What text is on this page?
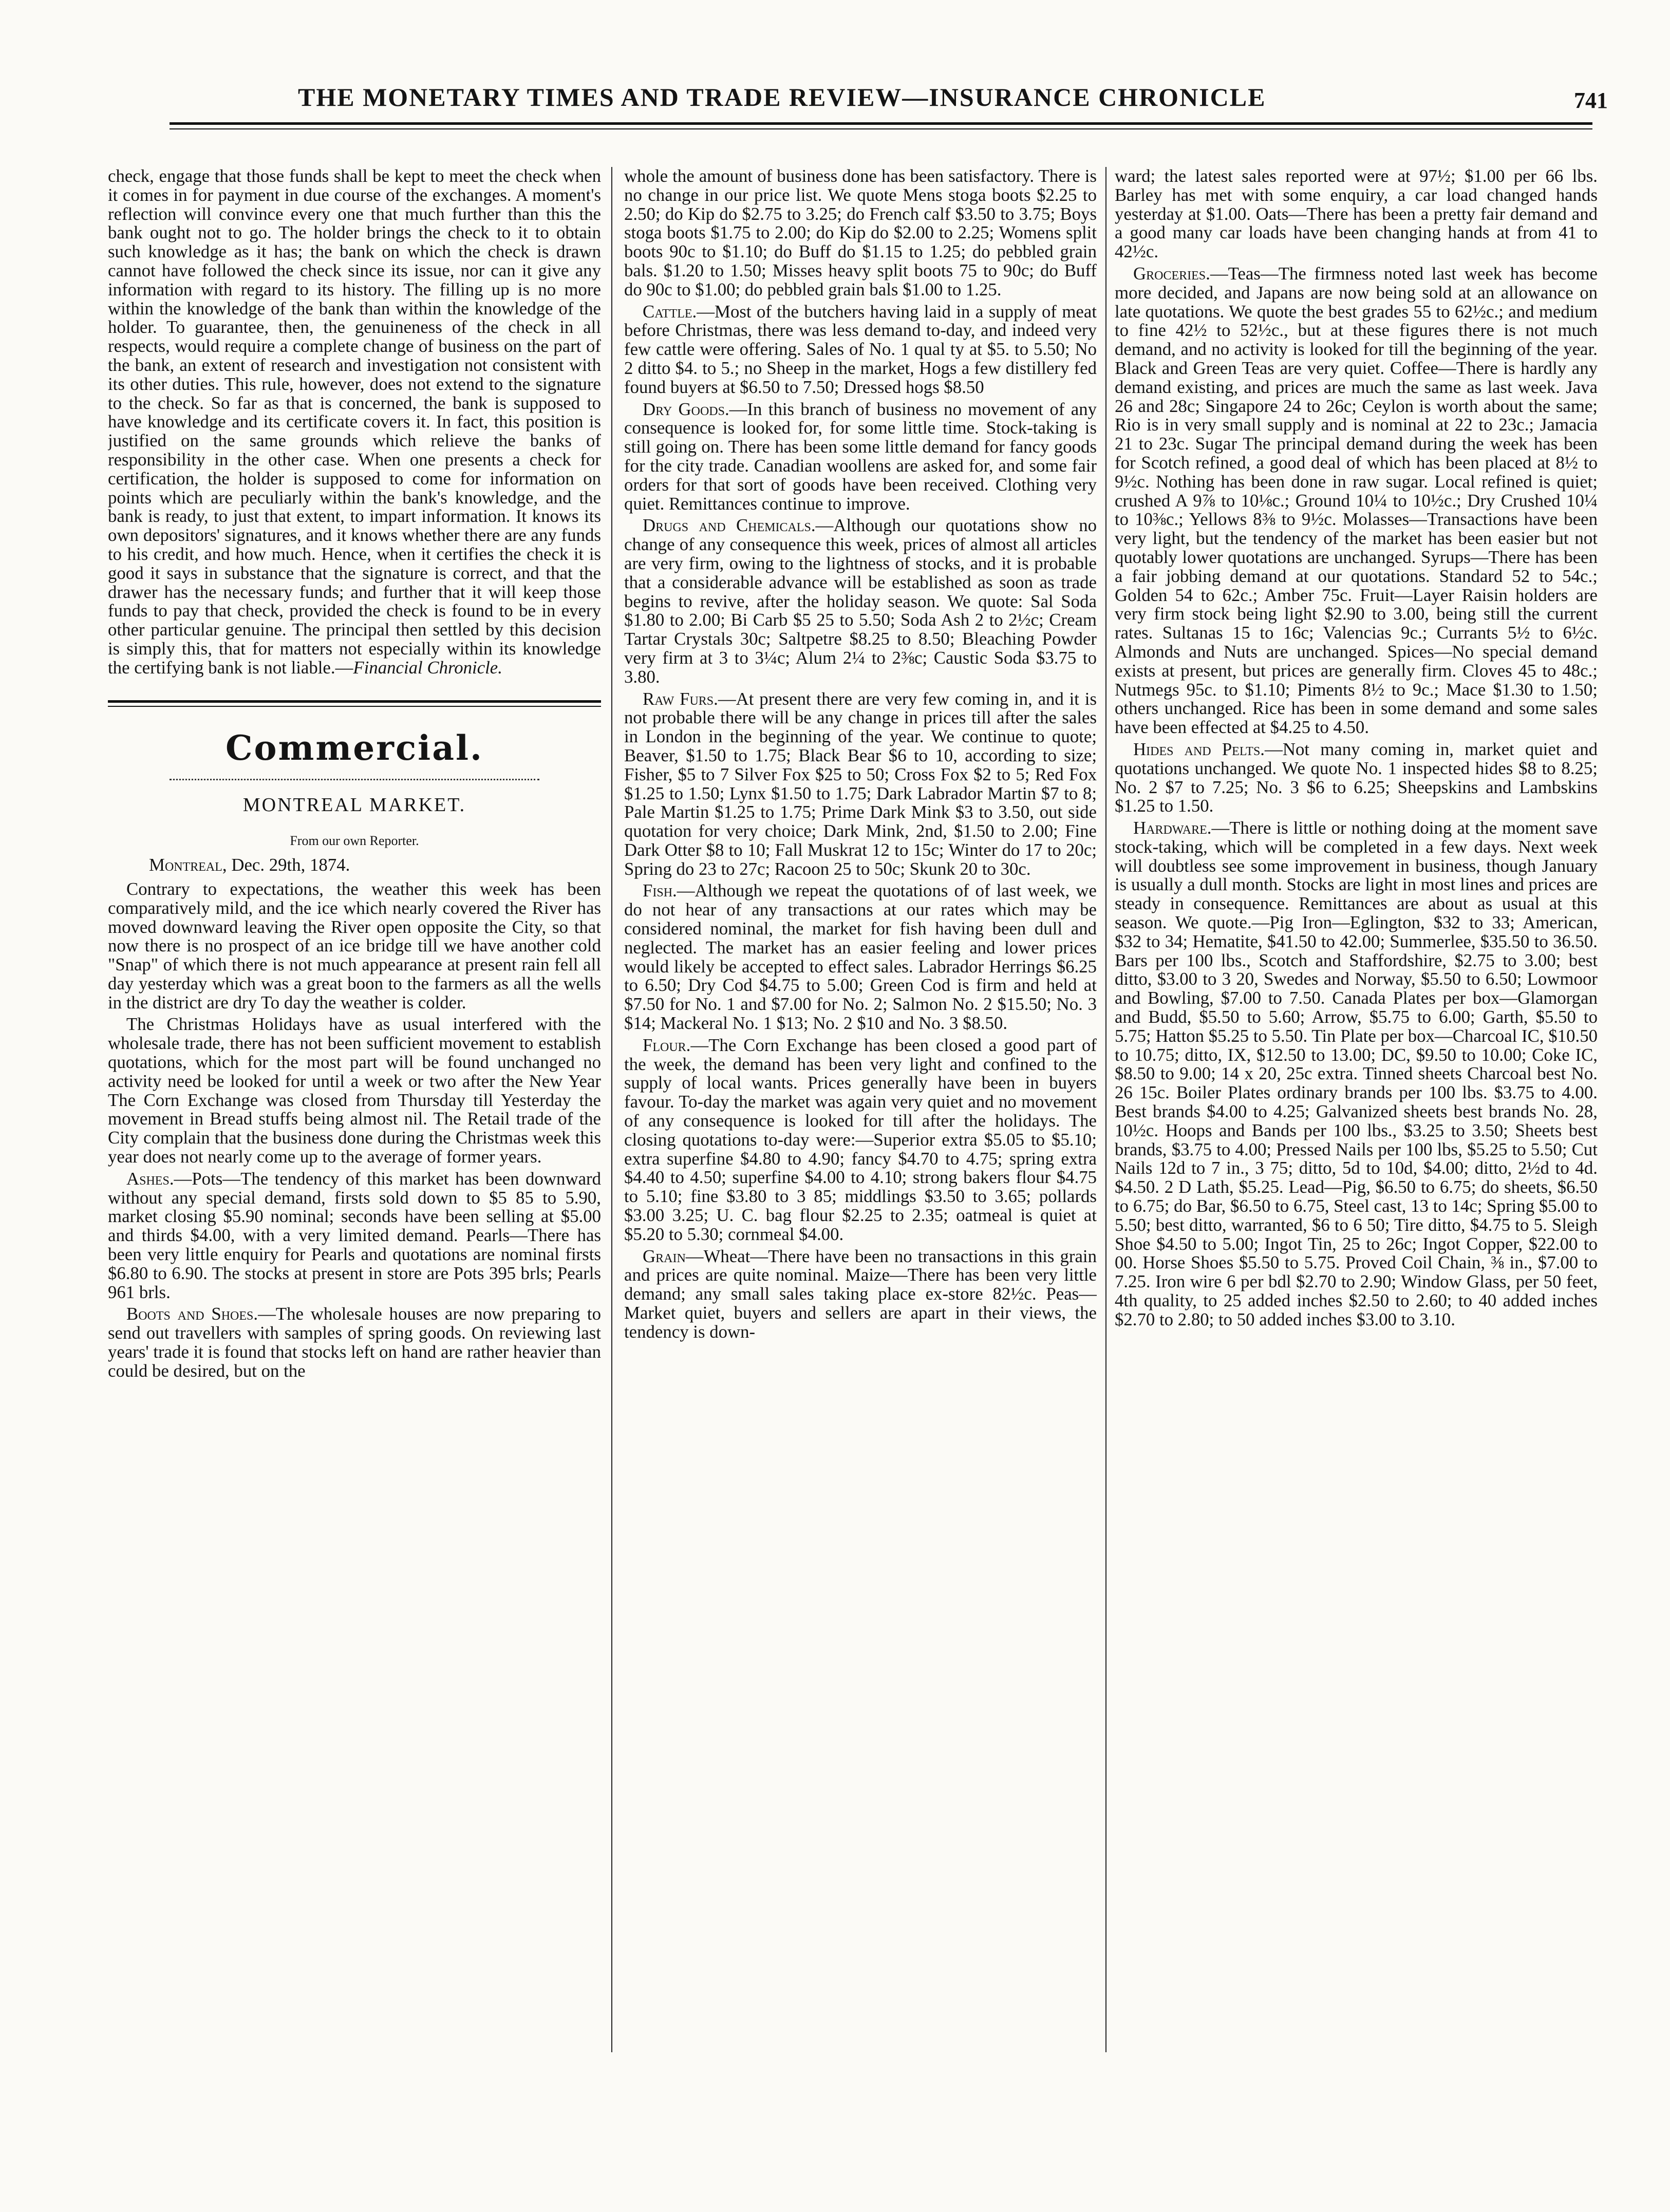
THE MONETARY TIMES AND TRADE REVIEW—INSURANCE CHRONICLE	741

check, engage that those funds shall be kept to meet the check when it comes in for payment in due course of the exchanges. A moment's reflection will convince every one that much further than this the bank ought not to go. The holder brings the check to it to obtain such knowledge as it has; the bank on which the check is drawn cannot have followed the check since its issue, nor can it give any information with regard to its history. The filling up is no more within the knowledge of the bank than within the knowledge of the holder. To guarantee, then, the genuineness of the check in all respects, would require a complete change of business on the part of the bank, an extent of research and investigation not consistent with its other duties. This rule, however, does not extend to the signature to the check. So far as that is concerned, the bank is supposed to have knowledge and its certificate covers it. In fact, this position is justified on the same grounds which relieve the banks of responsibility in the other case. When one presents a check for certification, the holder is supposed to come for information on points which are peculiarly within the bank's knowledge, and the bank is ready, to just that extent, to impart information. It knows its own depositors' signatures, and it knows whether there are any funds to his credit, and how much. Hence, when it certifies the check it is good it says in substance that the signature is correct, and that the drawer has the necessary funds; and further that it will keep those funds to pay that check, provided the check is found to be in every other particular genuine. The principal then settled by this decision is simply this, that for matters not especially within its knowledge the certifying bank is not liable.—Financial Chronicle.

Commercial.
MONTREAL MARKET.
From our own Reporter.

Montreal, Dec. 29th, 1874.

Contrary to expectations, the weather this week has been comparatively mild, and the ice which nearly covered the River has moved downward leaving the River open opposite the City, so that now there is no prospect of an ice bridge till we have another cold "Snap" of which there is not much appearance at present rain fell all day yesterday which was a great boon to the farmers as all the wells in the district are dry To day the weather is colder.

The Christmas Holidays have as usual interfered with the wholesale trade, there has not been sufficient movement to establish quotations, which for the most part will be found unchanged no activity need be looked for until a week or two after the New Year The Corn Exchange was closed from Thursday till Yesterday the movement in Bread stuffs being almost nil. The Retail trade of the City complain that the business done during the Christmas week this year does not nearly come up to the average of former years.

Ashes.—Pots—The tendency of this market has been downward without any special demand, firsts sold down to $5 85 to 5.90, market closing $5.90 nominal; seconds have been selling at $5.00 and thirds $4.00, with a very limited demand. Pearls—There has been very little enquiry for Pearls and quotations are nominal firsts $6.80 to 6.90. The stocks at present in store are Pots 395 brls; Pearls 961 brls.

Boots and Shoes.—The wholesale houses are now preparing to send out travellers with samples of spring goods. On reviewing last years' trade it is found that stocks left on hand are rather heavier than could be desired, but on the

whole the amount of business done has been satisfactory. There is no change in our price list. We quote Mens stoga boots $2.25 to 2.50; do Kip do $2.75 to 3.25; do French calf $3.50 to 3.75; Boys stoga boots $1.75 to 2.00; do Kip do $2.00 to 2.25; Womens split boots 90c to $1.10; do Buff do $1.15 to 1.25; do pebbled grain bals. $1.20 to 1.50; Misses heavy split boots 75 to 90c; do Buff do 90c to $1.00; do pebbled grain bals $1.00 to 1.25.

Cattle.—Most of the butchers having laid in a supply of meat before Christmas, there was less demand to-day, and indeed very few cattle were offering. Sales of No. 1 qual ty at $5. to 5.50; No 2 ditto $4. to 5.; no Sheep in the market, Hogs a few distillery fed found buyers at $6.50 to 7.50; Dressed hogs $8.50

Dry Goods.—In this branch of business no movement of any consequence is looked for, for some little time. Stock-taking is still going on. There has been some little demand for fancy goods for the city trade. Canadian woollens are asked for, and some fair orders for that sort of goods have been received. Clothing very quiet. Remittances continue to improve.

Drugs and Chemicals.—Although our quotations show no change of any consequence this week, prices of almost all articles are very firm, owing to the lightness of stocks, and it is probable that a considerable advance will be established as soon as trade begins to revive, after the holiday season. We quote: Sal Soda $1.80 to 2.00; Bi Carb $5 25 to 5.50; Soda Ash 2 to 2½c; Cream Tartar Crystals 30c; Saltpetre $8.25 to 8.50; Bleaching Powder very firm at 3 to 3¼c; Alum 2¼ to 2⅜c; Caustic Soda $3.75 to 3.80.

Raw Furs.—At present there are very few coming in, and it is not probable there will be any change in prices till after the sales in London in the beginning of the year. We continue to quote; Beaver, $1.50 to 1.75; Black Bear $6 to 10, according to size; Fisher, $5 to 7 Silver Fox $25 to 50; Cross Fox $2 to 5; Red Fox $1.25 to 1.50; Lynx $1.50 to 1.75; Dark Labrador Martin $7 to 8; Pale Martin $1.25 to 1.75; Prime Dark Mink $3 to 3.50, out side quotation for very choice; Dark Mink, 2nd, $1.50 to 2.00; Fine Dark Otter $8 to 10; Fall Muskrat 12 to 15c; Winter do 17 to 20c; Spring do 23 to 27c; Racoon 25 to 50c; Skunk 20 to 30c.

Fish.—Although we repeat the quotations of of last week, we do not hear of any transactions at our rates which may be considered nominal, the market for fish having been dull and neglected. The market has an easier feeling and lower prices would likely be accepted to effect sales. Labrador Herrings $6.25 to 6.50; Dry Cod $4.75 to 5.00; Green Cod is firm and held at $7.50 for No. 1 and $7.00 for No. 2; Salmon No. 2 $15.50; No. 3 $14; Mackeral No. 1 $13; No. 2 $10 and No. 3 $8.50.

Flour.—The Corn Exchange has been closed a good part of the week, the demand has been very light and confined to the supply of local wants. Prices generally have been in buyers favour. To-day the market was again very quiet and no movement of any consequence is looked for till after the holidays. The closing quotations to-day were:—Superior extra $5.05 to $5.10; extra superfine $4.80 to 4.90; fancy $4.70 to 4.75; spring extra $4.40 to 4.50; superfine $4.00 to 4.10; strong bakers flour $4.75 to 5.10; fine $3.80 to 3 85; middlings $3.50 to 3.65; pollards $3.00 3.25; U. C. bag flour $2.25 to 2.35; oatmeal is quiet at $5.20 to 5.30; cornmeal $4.00.

Grain—Wheat—There have been no transactions in this grain and prices are quite nominal. Maize—There has been very little demand; any small sales taking place ex-store 82½c. Peas—Market quiet, buyers and sellers are apart in their views, the tendency is down-

ward; the latest sales reported were at 97½; $1.00 per 66 lbs. Barley has met with some enquiry, a car load changed hands yesterday at $1.00. Oats—There has been a pretty fair demand and a good many car loads have been changing hands at from 41 to 42½c.

Groceries.—Teas—The firmness noted last week has become more decided, and Japans are now being sold at an allowance on late quotations. We quote the best grades 55 to 62½c.; and medium to fine 42½ to 52½c., but at these figures there is not much demand, and no activity is looked for till the beginning of the year. Black and Green Teas are very quiet. Coffee—There is hardly any demand existing, and prices are much the same as last week. Java 26 and 28c; Singapore 24 to 26c; Ceylon is worth about the same; Rio is in very small supply and is nominal at 22 to 23c.; Jamacia 21 to 23c. Sugar The principal demand during the week has been for Scotch refined, a good deal of which has been placed at 8½ to 9½c. Nothing has been done in raw sugar. Local refined is quiet; crushed A 9⅞ to 10⅛c.; Ground 10¼ to 10½c.; Dry Crushed 10¼ to 10⅜c.; Yellows 8⅜ to 9½c. Molasses—Transactions have been very light, but the tendency of the market has been easier but not quotably lower quotations are unchanged. Syrups—There has been a fair jobbing demand at our quotations. Standard 52 to 54c.; Golden 54 to 62c.; Amber 75c. Fruit—Layer Raisin holders are very firm stock being light $2.90 to 3.00, being still the current rates. Sultanas 15 to 16c; Valencias 9c.; Currants 5½ to 6½c. Almonds and Nuts are unchanged. Spices—No special demand exists at present, but prices are generally firm. Cloves 45 to 48c.; Nutmegs 95c. to $1.10; Piments 8½ to 9c.; Mace $1.30 to 1.50; others unchanged. Rice has been in some demand and some sales have been effected at $4.25 to 4.50.

Hides and Pelts.—Not many coming in, market quiet and quotations unchanged. We quote No. 1 inspected hides $8 to 8.25; No. 2 $7 to 7.25; No. 3 $6 to 6.25; Sheepskins and Lambskins $1.25 to 1.50.

Hardware.—There is little or nothing doing at the moment save stock-taking, which will be completed in a few days. Next week will doubtless see some improvement in business, though January is usually a dull month. Stocks are light in most lines and prices are steady in consequence. Remittances are about as usual at this season. We quote.—Pig Iron—Eglington, $32 to 33; American, $32 to 34; Hematite, $41.50 to 42.00; Summerlee, $35.50 to 36.50. Bars per 100 lbs., Scotch and Staffordshire, $2.75 to 3.00; best ditto, $3.00 to 3 20, Swedes and Norway, $5.50 to 6.50; Lowmoor and Bowling, $7.00 to 7.50. Canada Plates per box—Glamorgan and Budd, $5.50 to 5.60; Arrow, $5.75 to 6.00; Garth, $5.50 to 5.75; Hatton $5.25 to 5.50. Tin Plate per box—Charcoal IC, $10.50 to 10.75; ditto, IX, $12.50 to 13.00; DC, $9.50 to 10.00; Coke IC, $8.50 to 9.00; 14 x 20, 25c extra. Tinned sheets Charcoal best No. 26 15c. Boiler Plates ordinary brands per 100 lbs. $3.75 to 4.00. Best brands $4.00 to 4.25; Galvanized sheets best brands No. 28, 10½c. Hoops and Bands per 100 lbs., $3.25 to 3.50; Sheets best brands, $3.75 to 4.00; Pressed Nails per 100 lbs, $5.25 to 5.50; Cut Nails 12d to 7 in., 3 75; ditto, 5d to 10d, $4.00; ditto, 2½d to 4d. $4.50. 2 D Lath, $5.25. Lead—Pig, $6.50 to 6.75; do sheets, $6.50 to 6.75; do Bar, $6.50 to 6.75, Steel cast, 13 to 14c; Spring $5.00 to 5.50; best ditto, warranted, $6 to 6 50; Tire ditto, $4.75 to 5. Sleigh Shoe $4.50 to 5.00; Ingot Tin, 25 to 26c; Ingot Copper, $22.00 to 00. Horse Shoes $5.50 to 5.75. Proved Coil Chain, ⅜ in., $7.00 to 7.25. Iron wire 6 per bdl $2.70 to 2.90; Window Glass, per 50 feet, 4th quality, to 25 added inches $2.50 to 2.60; to 40 added inches $2.70 to 2.80; to 50 added inches $3.00 to 3.10.
